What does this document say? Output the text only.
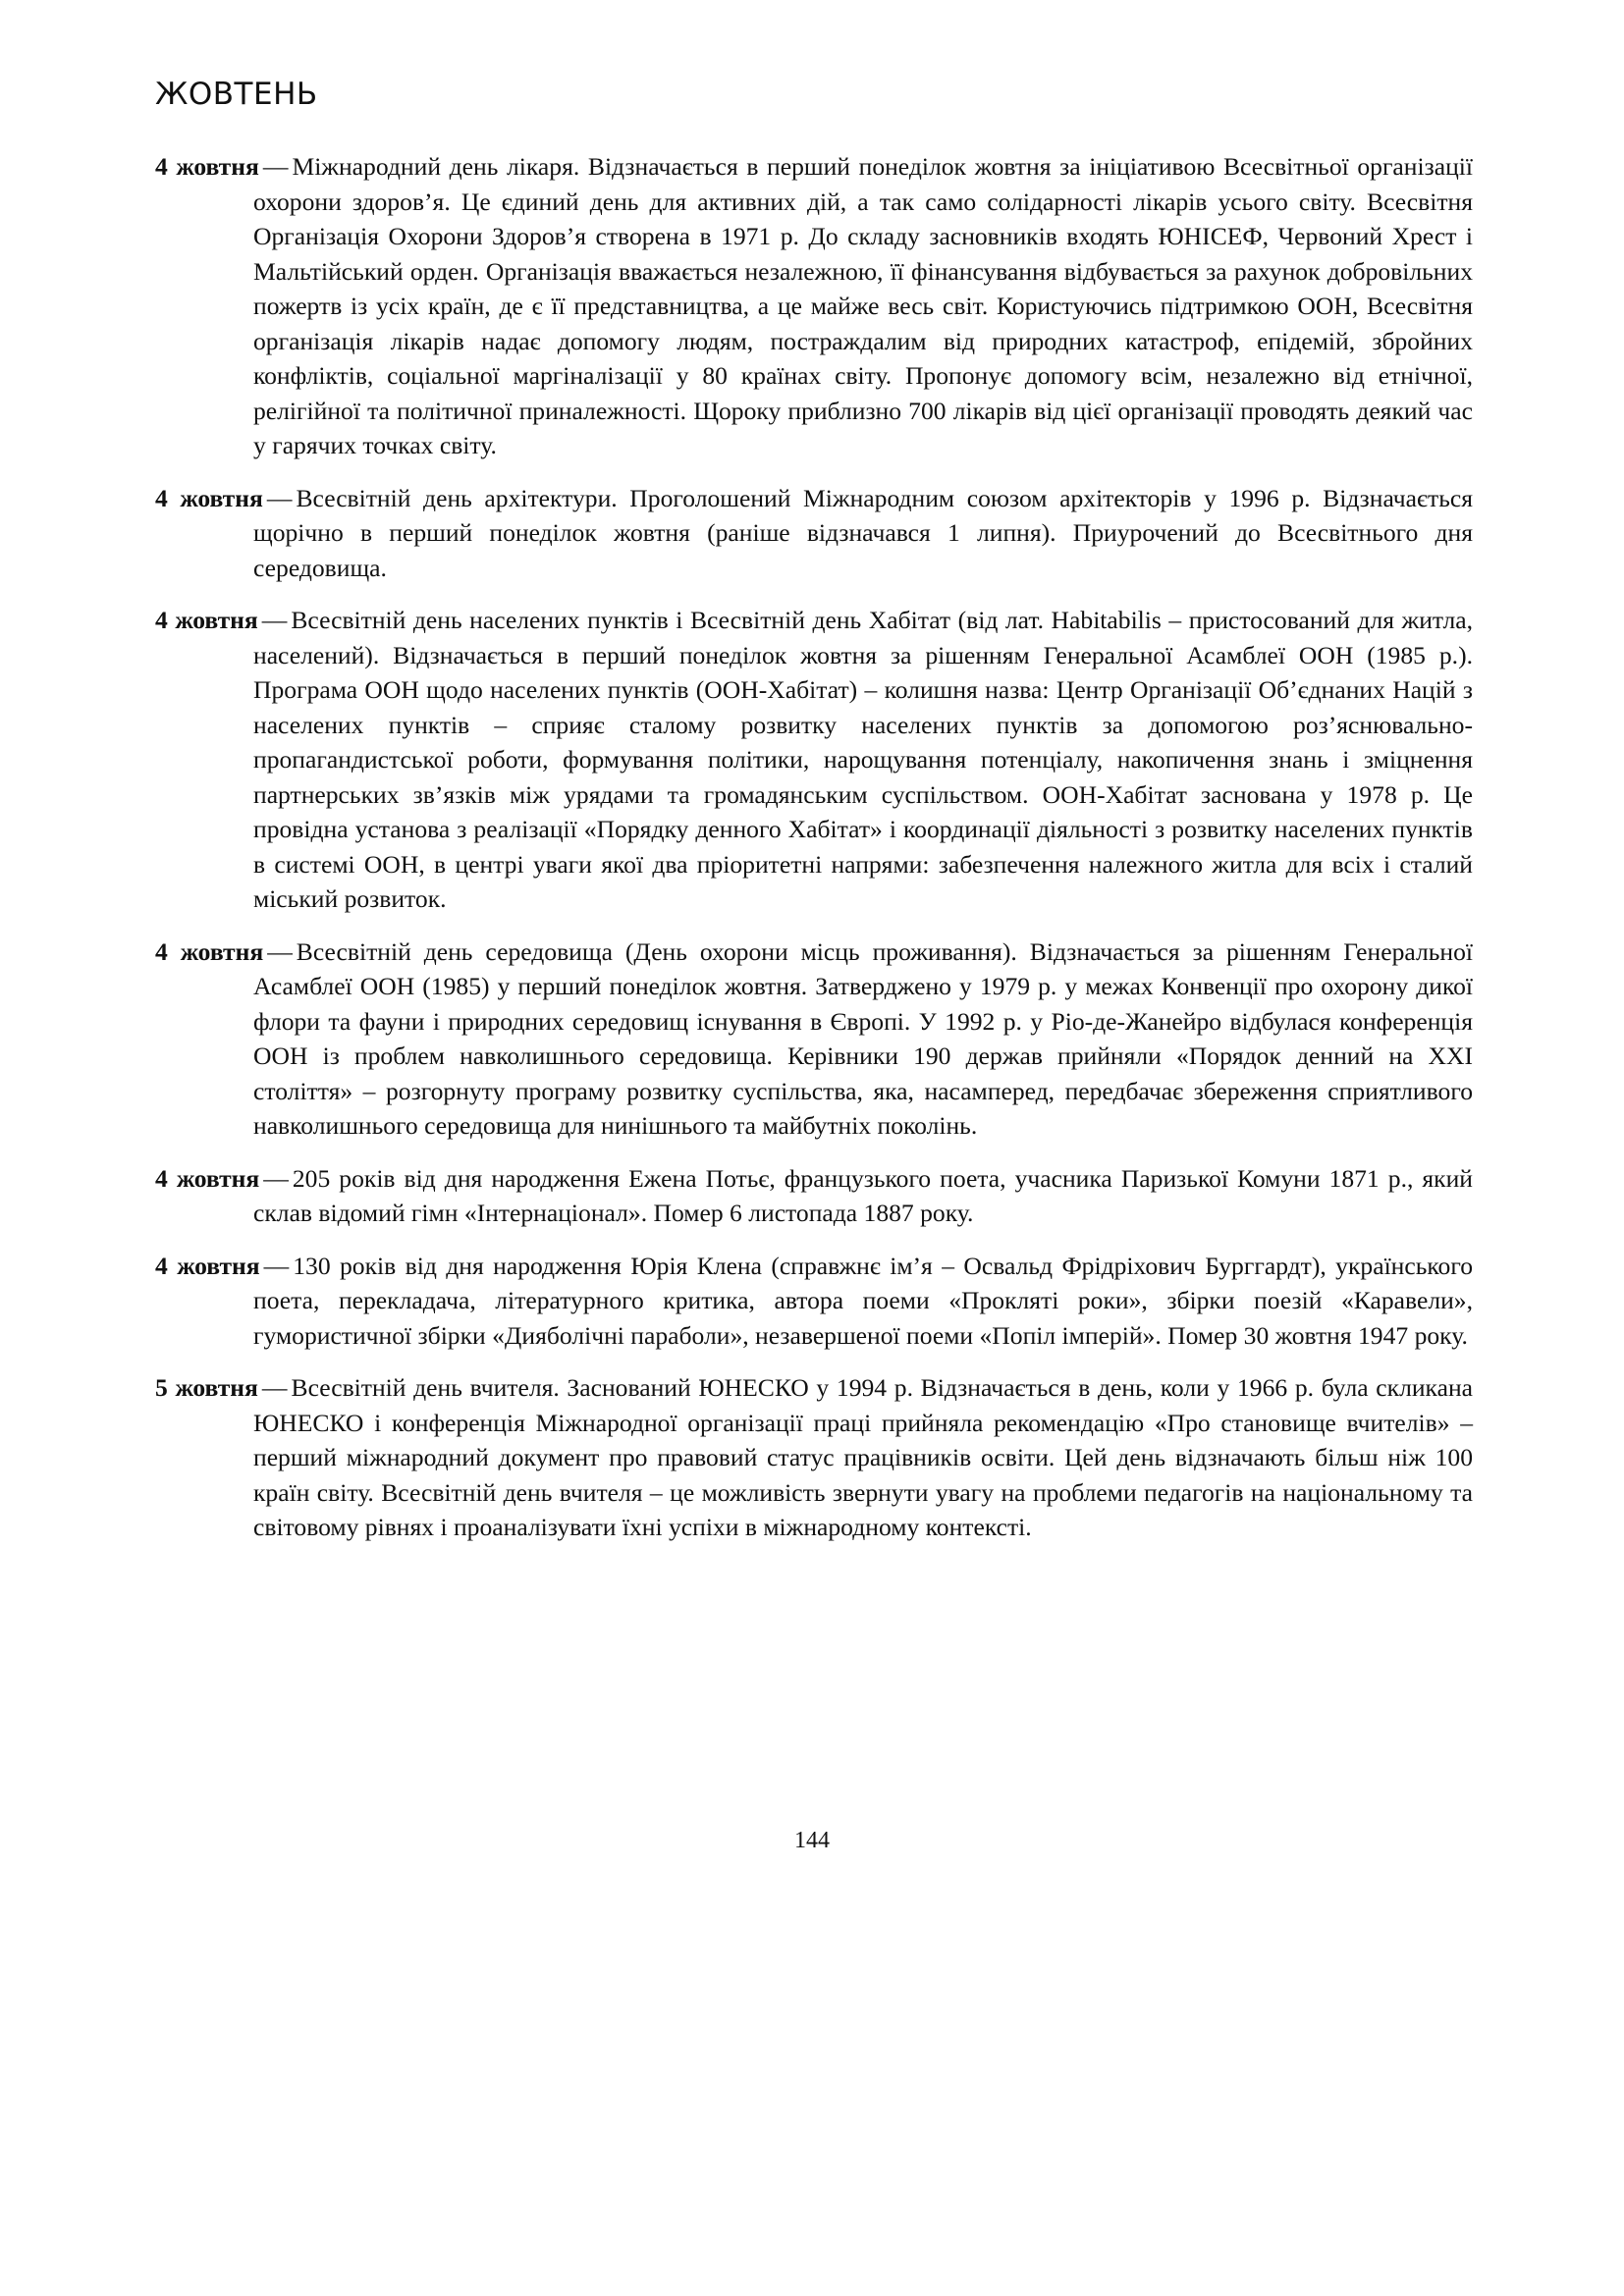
ЖОВТЕНЬ

4 жовтня — Міжнародний день лікаря. Відзначається в перший понеділок жовтня за ініціативою Всесвітньої організації охорони здоров’я. Це єдиний день для активних дій, а так само солідарності лікарів усього світу. Всесвітня Організація Охорони Здоров’я створена в 1971 р. До складу засновників входять ЮНІСЕФ, Червоний Хрест і Мальтійський орден. Організація вважається незалежною, її фінансування відбувається за рахунок добровільних пожертв із усіх країн, де є її представництва, а це майже весь світ. Користуючись підтримкою ООН, Всесвітня організація лікарів надає допомогу людям, постраждалим від природних катастроф, епідемій, збройних конфліктів, соціальної маргіналізації у 80 країнах світу. Пропонує допомогу всім, незалежно від етнічної, релігійної та політичної приналежності. Щороку приблизно 700 лікарів від цієї організації проводять деякий час у гарячих точках світу.

4 жовтня — Всесвітній день архітектури. Проголошений Міжнародним союзом архітекторів у 1996 р. Відзначається щорічно в перший понеділок жовтня (раніше відзначався 1 липня). Приурочений до Всесвітнього дня середовища.

4 жовтня — Всесвітній день населених пунктів і Всесвітній день Хабітат (від лат. Habitabilis – пристосований для житла, населений). Відзначається в перший понеділок жовтня за рішенням Генеральної Асамблеї ООН (1985 р.). Програма ООН щодо населених пунктів (ООН-Хабітат) – колишня назва: Центр Організації Об’єднаних Націй з населених пунктів – сприяє сталому розвитку населених пунктів за допомогою роз’яснювально-пропагандистської роботи, формування політики, нарощування потенціалу, накопичення знань і зміцнення партнерських зв’язків між урядами та громадянським суспільством. ООН-Хабітат заснована у 1978 р. Це провідна установа з реалізації «Порядку денного Хабітат» і координації діяльності з розвитку населених пунктів в системі ООН, в центрі уваги якої два пріоритетні напрями: забезпечення належного житла для всіх і сталий міський розвиток.

4 жовтня — Всесвітній день середовища (День охорони місць проживання). Відзначається за рішенням Генеральної Асамблеї ООН (1985) у перший понеділок жовтня. Затверджено у 1979 р. у межах Конвенції про охорону дикої флори та фауни і природних середовищ існування в Європі. У 1992 р. у Ріо-де-Жанейро відбулася конференція ООН із проблем навколишнього середовища. Керівники 190 держав прийняли «Порядок денний на XXI століття» – розгорнуту програму розвитку суспільства, яка, насамперед, передбачає збереження сприятливого навколишнього середовища для нинішнього та майбутніх поколінь.

4 жовтня — 205 років від дня народження Ежена Потьє, французького поета, учасника Паризької Комуни 1871 р., який склав відомий гімн «Інтернаціонал». Помер 6 листопада 1887 року.

4 жовтня — 130 років від дня народження Юрія Клена (справжнє ім’я – Освальд Фрідріхович Бурггардт), українського поета, перекладача, літературного критика, автора поеми «Прокляті роки», збірки поезій «Каравели», гумористичної збірки «Дияболічні параболи», незавершеної поеми «Попіл імперій». Помер 30 жовтня 1947 року.

5 жовтня — Всесвітній день вчителя. Заснований ЮНЕСКО у 1994 р. Відзначається в день, коли у 1966 р. була скликана ЮНЕСКО і конференція Міжнародної організації праці прийняла рекомендацію «Про становище вчителів» – перший міжнародний документ про правовий статус працівників освіти. Цей день відзначають більш ніж 100 країн світу. Всесвітній день вчителя – це можливість звернути увагу на проблеми педагогів на національному та світовому рівнях і проаналізувати їхні успіхи в міжнародному контексті.

144
